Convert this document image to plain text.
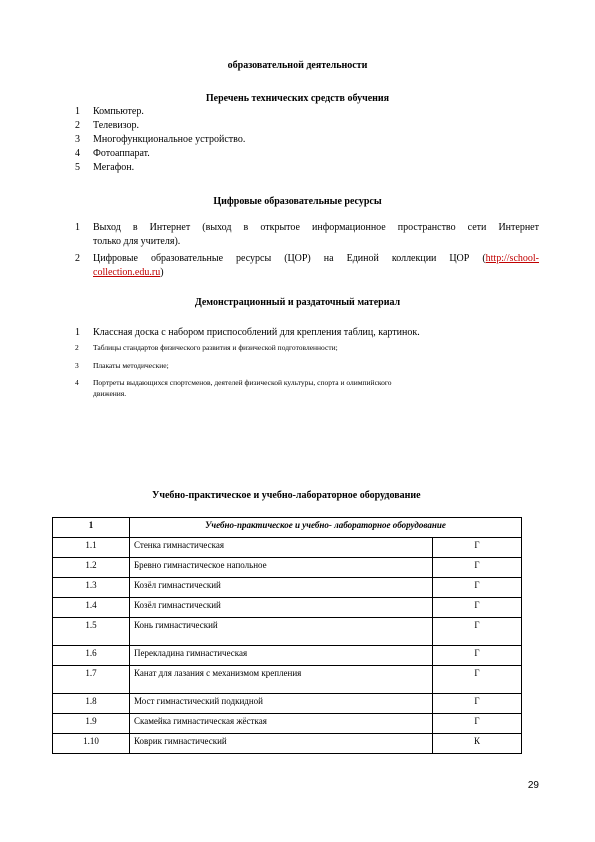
образовательной деятельности
Перечень технических средств обучения
1 Компьютер.
2 Телевизор.
3 Многофункциональное устройство.
4 Фотоаппарат.
5 Мегафон.
Цифровые образовательные ресурсы
1 Выход в Интернет (выход в открытое информационное пространство сети Интернет
только для учителя).
2 Цифровые образовательные ресурсы (ЦОР) на Единой коллекции ЦОР (http://school-
collection.edu.ru)
Демонстрационный и раздаточный материал
1 Классная доска с набором приспособлений для крепления таблиц, картинок.
2 Таблицы стандартов физического развития и физической подготовленности;
3 Плакаты методические;
4 Портреты выдающихся спортсменов, деятелей физической культуры, спорта и олимпийского
движения.
Учебно-практическое и учебно-лабораторное оборудование
1	Учебно-практическое и учебно- лабораторное оборудование	
1.1	Стенка гимнастическая	Г
1.2	Бревно гимнастическое напольное	Г
1.3	Козёл гимнастический	Г
1.4	Козёл гимнастический	Г
1.5	Конь гимнастический	Г
1.6	Перекладина гимнастическая	Г
1.7	Канат для лазания с механизмом крепления	Г
1.8	Мост гимнастический подкидной	Г
1.9	Скамейка гимнастическая жёсткая	Г
1.10	Коврик гимнастический	К
29
